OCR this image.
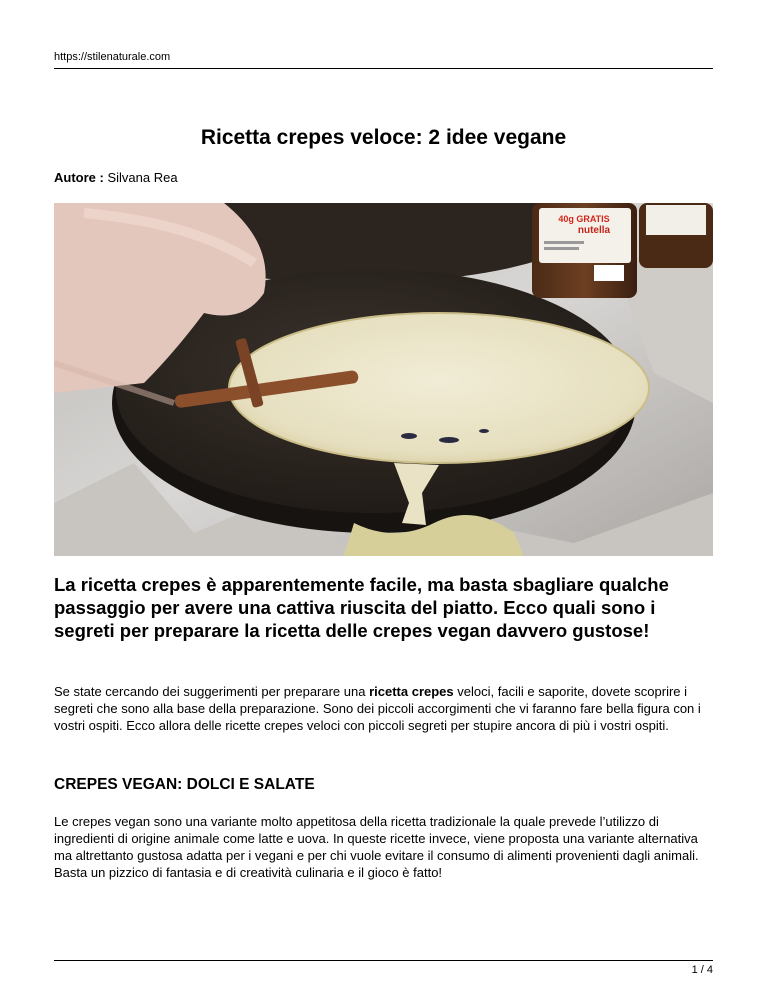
https://stilenaturale.com
Ricetta crepes veloce: 2 idee vegane
Autore : Silvana Rea
40g GRATIS
nutella

La ricetta crepes è apparentemente facile, ma basta sbagliare qualche passaggio per avere una cattiva riuscita del piatto. Ecco quali sono i segreti per preparare la ricetta delle crepes vegan davvero gustose!

Se state cercando dei suggerimenti per preparare una ricetta crepes veloci, facili e saporite, dovete scoprire i segreti che sono alla base della preparazione. Sono dei piccoli accorgimenti che vi faranno fare bella figura con i vostri ospiti. Ecco allora delle ricette crepes veloci con piccoli segreti per stupire ancora di più i vostri ospiti.

CREPES VEGAN: DOLCI E SALATE

Le crepes vegan sono una variante molto appetitosa della ricetta tradizionale la quale prevede l’utilizzo di ingredienti di origine animale come latte e uova. In queste ricette invece, viene proposta una variante alternativa ma altrettanto gustosa adatta per i vegani e per chi vuole evitare il consumo di alimenti provenienti dagli animali. Basta un pizzico di fantasia e di creatività culinaria e il gioco è fatto!

1 / 4
